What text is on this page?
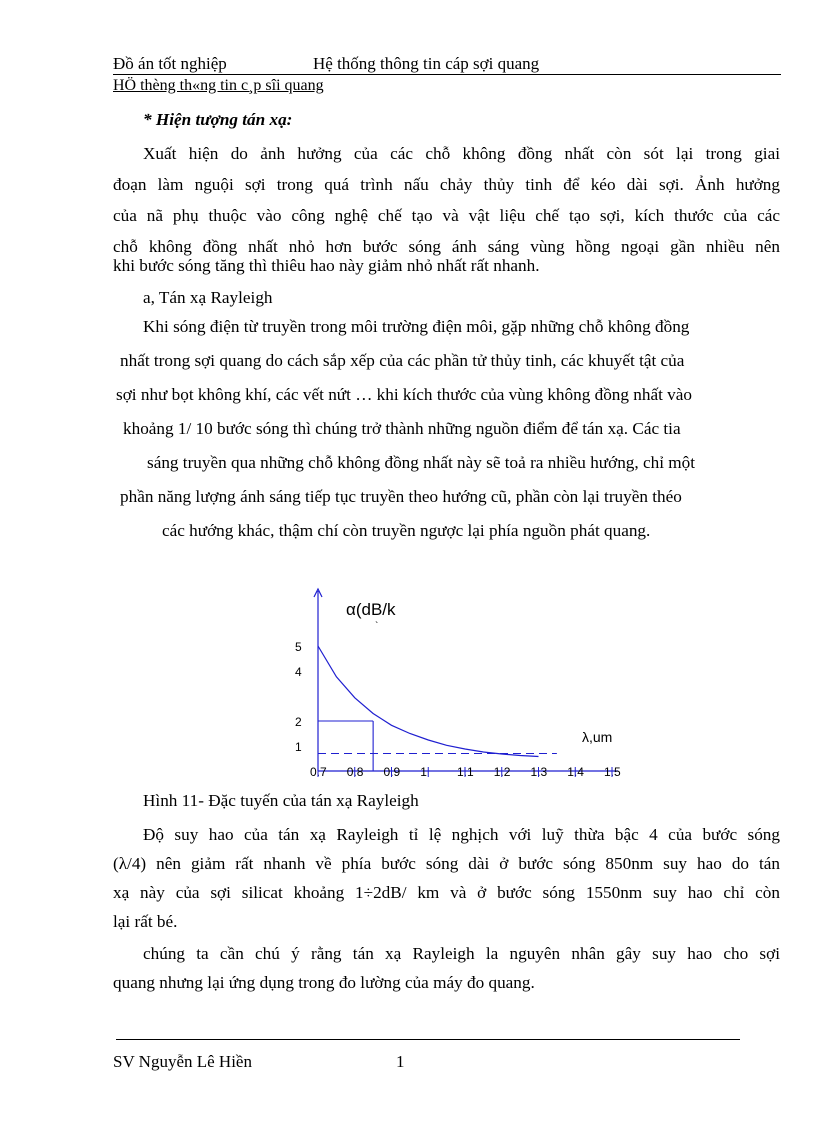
Đồ án tốt nghiệp	Hệ thống thông tin cáp sợi quang
HÖ thèng th«ng tin c¸p sîi quang
* Hiện tượng tán xạ:
Xuất hiện do ảnh hưởng của các chỗ không đồng nhất còn sót lại trong giai
đoạn làm nguội sợi trong quá trình nấu chảy thủy tinh để kéo dài sợi. Ảnh hưởng
của nã phụ thuộc vào công nghệ chế tạo và vật liệu chế tạo sợi, kích thước của các
chỗ không đồng nhất nhỏ hơn bước sóng ánh sáng vùng hồng ngoại gần nhiều nên
khi bước sóng tăng thì thiêu hao này giảm nhỏ nhất rất nhanh.
a, Tán xạ Rayleigh
Khi sóng điện từ truyền trong môi trường điện môi, gặp những chỗ không đồng
nhất trong sợi quang do cách sắp xếp của các phần tử thủy tinh, các khuyết tật của
sợi như bọt không khí, các vết nứt … khi kích thước của vùng không đồng nhất vào
khoảng 1/ 10 bước sóng thì chúng trở thành những nguồn điểm để tán xạ. Các tia
sáng truyền qua những chỗ không đồng nhất này sẽ toả ra nhiều hướng, chỉ một
phần năng lượng ánh sáng tiếp tục truyền theo hướng cũ, phần còn lại truyền théo
các hướng khác, thậm chí còn truyền ngược lại phía nguồn phát quang.
α(dB/k
`
λ,um
1
2
4
5
0.7 0.8 0.9 1	1.1 1.2 1.3 1.4 1.5
Hình 11- Đặc tuyến của tán xạ Rayleigh
Độ suy hao của tán xạ Rayleigh tỉ lệ nghịch với luỹ thừa bậc 4 của bước sóng
(λ/4) nên giảm rất nhanh về phía bước sóng dài ở bước sóng 850nm suy hao do tán
xạ này của sợi silicat khoảng 1÷2dB/ km và ở bước sóng 1550nm suy hao chỉ còn
lại rất bé.
chúng ta cần chú ý rằng tán xạ Rayleigh la nguyên nhân gây suy hao cho sợi
quang nhưng lại ứng dụng trong đo lường của máy đo quang.
SV Nguyễn Lê Hiền	1
